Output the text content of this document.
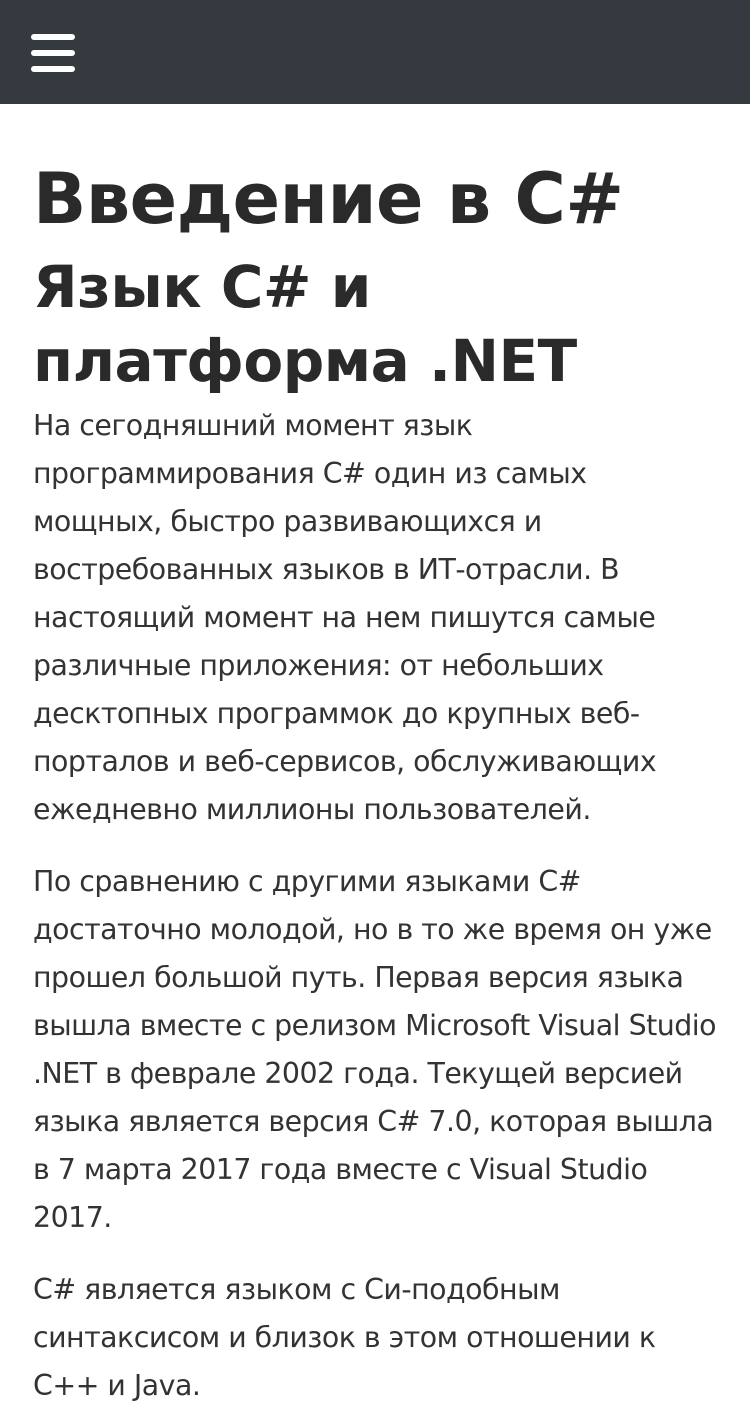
Введение в C#
Язык C# и платформа .NET

На сегодняшний момент язык программирования C# один из самых мощных, быстро развивающихся и востребованных языков в ИТ-отрасли. В настоящий момент на нем пишутся самые различные приложения: от небольших десктопных программок до крупных веб-порталов и веб-сервисов, обслуживающих ежедневно миллионы пользователей.

По сравнению с другими языками C# достаточно молодой, но в то же время он уже прошел большой путь. Первая версия языка вышла вместе с релизом Microsoft Visual Studio .NET в феврале 2002 года. Текущей версией языка является версия C# 7.0, которая вышла в 7 марта 2017 года вместе с Visual Studio 2017.

C# является языком с Си-подобным синтаксисом и близок в этом отношении к C++ и Java.
